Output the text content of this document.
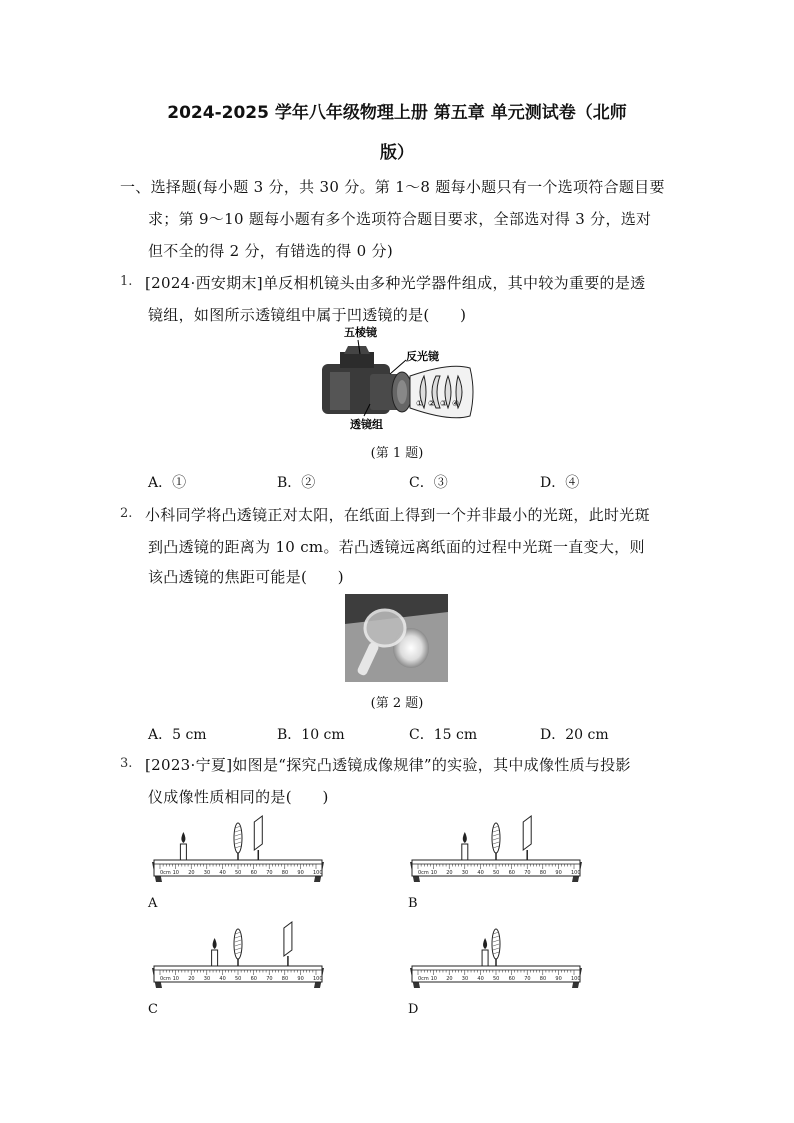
2024-2025 学年八年级物理上册 第五章 单元测试卷（北师
版）
一、选择题(每小题 3 分，共 30 分。第 1～8 题每小题只有一个选项符合题目要
求；第 9～10 题每小题有多个选项符合题目要求，全部选对得 3 分，选对
但不全的得 2 分，有错选的得 0 分)
1. [2024·西安期末]单反相机镜头由多种光学器件组成，其中较为重要的是透
镜组，如图所示透镜组中属于凹透镜的是(　　)
五棱镜
反光镜
透镜组
① ② ③ ④
(第 1 题)
A．①	B．②	C．③	D．④
2. 小科同学将凸透镜正对太阳，在纸面上得到一个并非最小的光斑，此时光斑
到凸透镜的距离为 10 cm。若凸透镜远离纸面的过程中光斑一直变大，则
该凸透镜的焦距可能是(　　)
(第 2 题)
A．5 cm	B．10 cm	C．15 cm	D．20 cm
3. [2023·宁夏]如图是“探究凸透镜成像规律”的实验，其中成像性质与投影
仪成像性质相同的是(　　)
0cm 10 20 30 40 50 60 70 80 90 100	0cm 10 20 30 40 50 60 70 80 90 100
0cm 10 20 30 40 50 60 70 80 90 100	0cm 10 20 30 40 50 60 70 80 90 100
A	B
C	D
